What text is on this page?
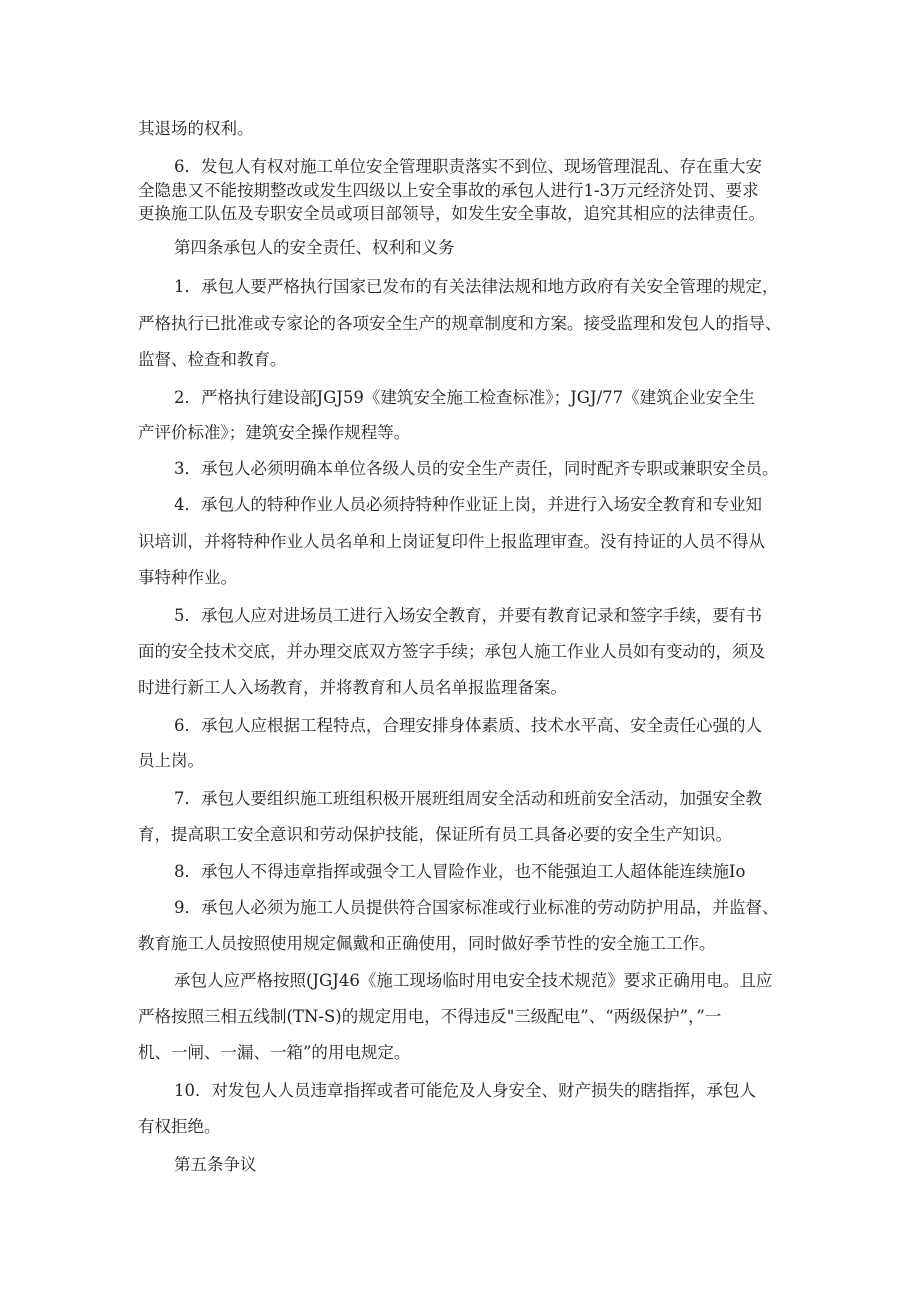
其退场的权利。
6．发包人有权对施工单位安全管理职责落实不到位、现场管理混乱、存在重大安
全隐患又不能按期整改或发生四级以上安全事故的承包人进行1-3万元经济处罚、要求
更换施工队伍及专职安全员或项目部领导，如发生安全事故，追究其相应的法律责任。
第四条承包人的安全责任、权利和义务
1．承包人要严格执行国家已发布的有关法律法规和地方政府有关安全管理的规定，
严格执行已批准或专家论的各项安全生产的规章制度和方案。接受监理和发包人的指导、
监督、检查和教育。
2．严格执行建设部JGJ59《建筑安全施工检查标准》；JGJ/77《建筑企业安全生
产评价标准》；建筑安全操作规程等。
3．承包人必须明确本单位各级人员的安全生产责任，同时配齐专职或兼职安全员。
4．承包人的特种作业人员必须持特种作业证上岗，并进行入场安全教育和专业知
识培训，并将特种作业人员名单和上岗证复印件上报监理审查。没有持证的人员不得从
事特种作业。
5．承包人应对进场员工进行入场安全教育，并要有教育记录和签字手续，要有书
面的安全技术交底，并办理交底双方签字手续；承包人施工作业人员如有变动的，须及
时进行新工人入场教育，并将教育和人员名单报监理备案。
6．承包人应根据工程特点，合理安排身体素质、技术水平高、安全责任心强的人
员上岗。
7．承包人要组织施工班组积极开展班组周安全活动和班前安全活动，加强安全教
育，提高职工安全意识和劳动保护技能，保证所有员工具备必要的安全生产知识。
8．承包人不得违章指挥或强令工人冒险作业，也不能强迫工人超体能连续施Io
9．承包人必须为施工人员提供符合国家标准或行业标准的劳动防护用品，并监督、
教育施工人员按照使用规定佩戴和正确使用，同时做好季节性的安全施工工作。
承包人应严格按照(JGJ46《施工现场临时用电安全技术规范》要求正确用电。且应
严格按照三相五线制(TN-S)的规定用电，不得违反"三级配电”、“两级保护”，”一
机、一闸、一漏、一箱”的用电规定。
10．对发包人人员违章指挥或者可能危及人身安全、财产损失的瞎指挥，承包人
有权拒绝。
第五条争议
